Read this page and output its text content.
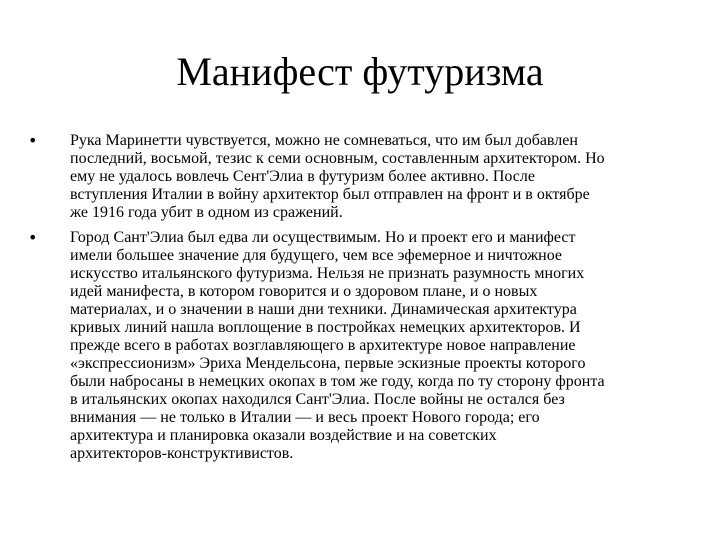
Манифест футуризма
• Рука Маринетти чувствуется, можно не сомневаться, что им был добавлен
последний, восьмой, тезис к семи основным, составленным архитектором. Но
ему не удалось вовлечь Сент'Элиа в футуризм более активно. После
вступления Италии в войну архитектор был отправлен на фронт и в октябре
же 1916 года убит в одном из сражений.
• Город Сант'Элиа был едва ли осуществимым. Но и проект его и манифест
имели большее значение для будущего, чем все эфемерное и ничтожное
искусство итальянского футуризма. Нельзя не признать разумность многих
идей манифеста, в котором говорится и о здоровом плане, и о новых
материалах, и о значении в наши дни техники. Динамическая архитектура
кривых линий нашла воплощение в постройках немецких архитекторов. И
прежде всего в работах возглавляющего в архитектуре новое направление
«экспрессионизм» Эриха Мендельсона, первые эскизные проекты которого
были набросаны в немецких окопах в том же году, когда по ту сторону фронта
в итальянских окопах находился Сант'Элиа. После войны не остался без
внимания — не только в Италии — и весь проект Нового города; его
архитектура и планировка оказали воздействие и на советских
архитекторов-конструктивистов.
